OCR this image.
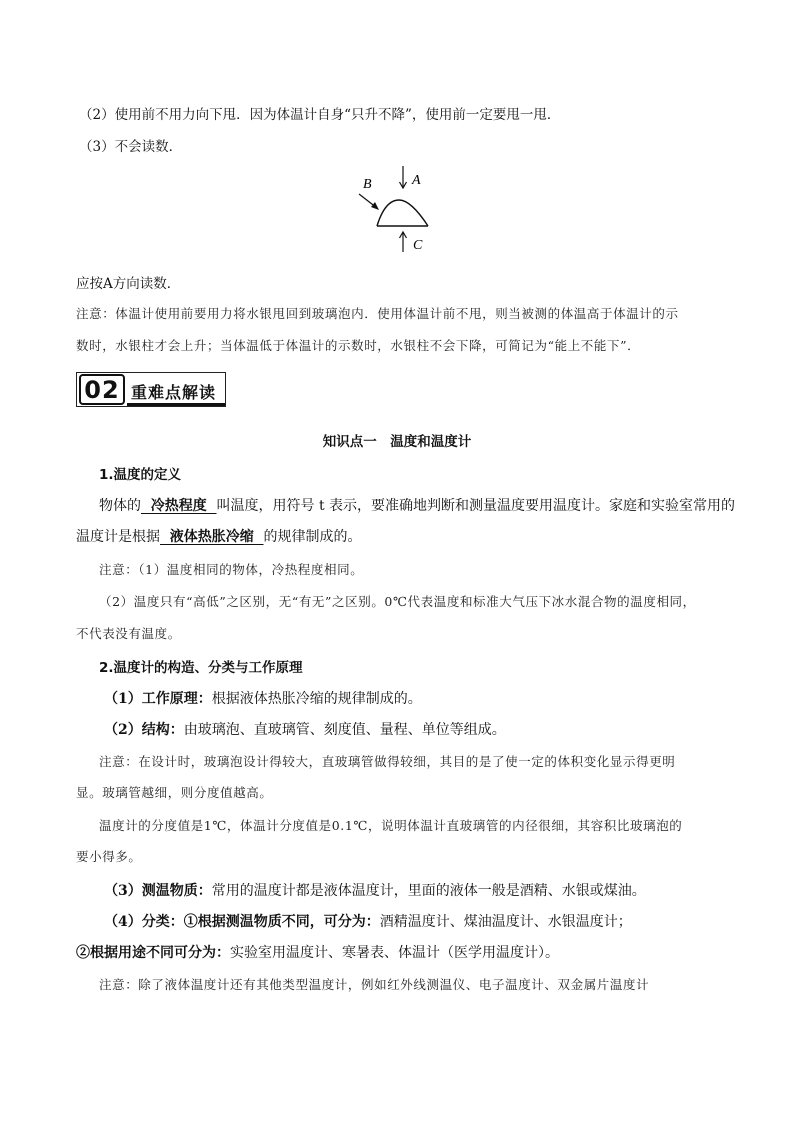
（2）使用前不用力向下甩．因为体温计自身“只升不降”，使用前一定要甩一甩．
（3）不会读数．
A
B
C
应按A方向读数．
注意：体温计使用前要用力将水银甩回到玻璃泡内．使用体温计前不甩，则当被测的体温高于体温计的示
数时，水银柱才会上升；当体温低于体温计的示数时，水银柱不会下降，可简记为“能上不能下”．
02 重难点解读
知识点一　温度和温度计
1.温度的定义
物体的  冷热程度  叫温度，用符号 t 表示，要准确地判断和测量温度要用温度计。家庭和实验室常用的
温度计是根据  液体热胀冷缩  的规律制成的。
注意：（1）温度相同的物体，冷热程度相同。
（2）温度只有“高低”之区别，无“有无”之区别。0℃代表温度和标准大气压下冰水混合物的温度相同，
不代表没有温度。
2.温度计的构造、分类与工作原理
（1）工作原理：根据液体热胀冷缩的规律制成的。
（2）结构：由玻璃泡、直玻璃管、刻度值、量程、单位等组成。
注意：在设计时，玻璃泡设计得较大，直玻璃管做得较细，其目的是了使一定的体积变化显示得更明
显。玻璃管越细，则分度值越高。
温度计的分度值是1℃，体温计分度值是0.1℃，说明体温计直玻璃管的内径很细，其容积比玻璃泡的
要小得多。
（3）测温物质：常用的温度计都是液体温度计，里面的液体一般是酒精、水银或煤油。
（4）分类：①根据测温物质不同，可分为：酒精温度计、煤油温度计、水银温度计；
②根据用途不同可分为：实验室用温度计、寒暑表、体温计（医学用温度计）。
注意：除了液体温度计还有其他类型温度计，例如红外线测温仪、电子温度计、双金属片温度计
